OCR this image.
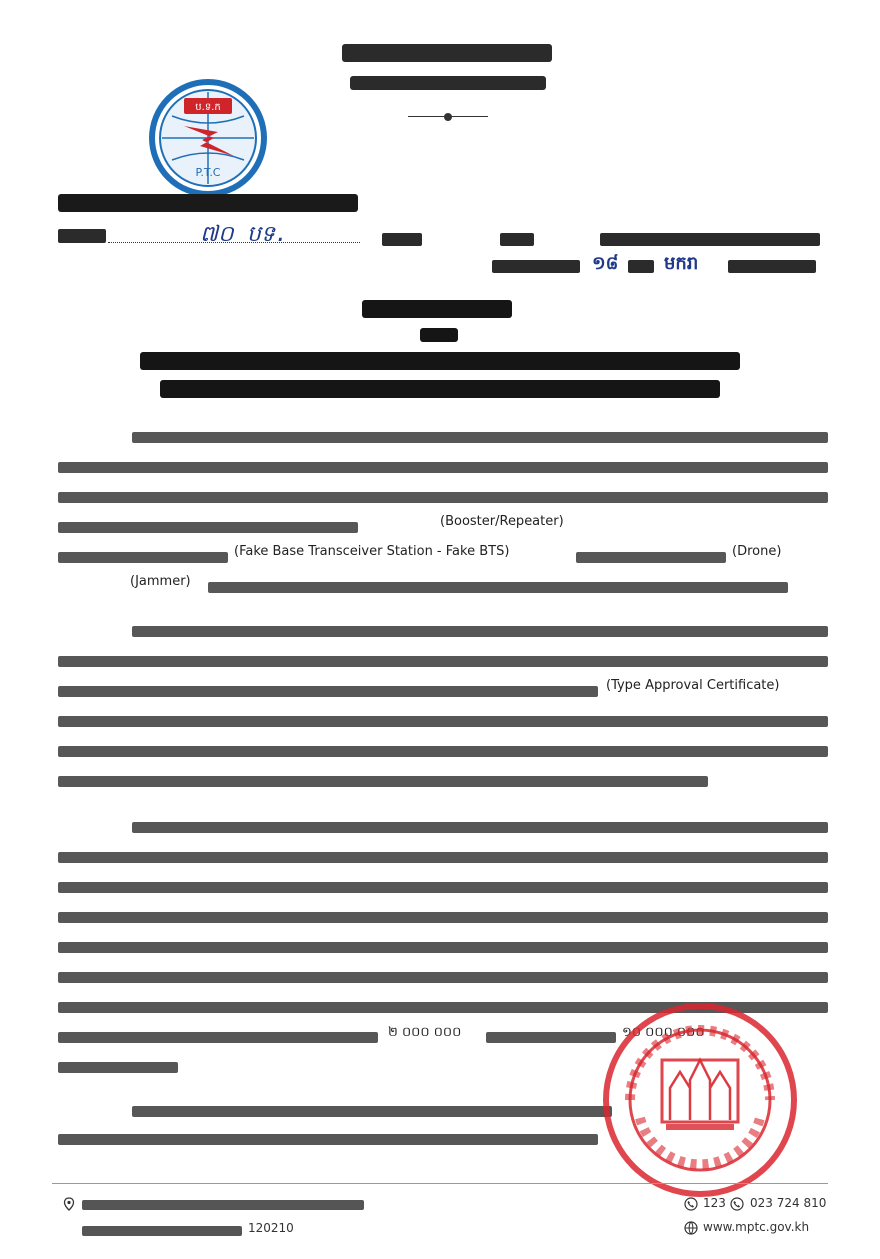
ប.ទ.ក
P.T.C
៧០ បទ.
១៨	មករា
(Booster/Repeater)
(Fake Base Transceiver Station - Fake BTS)	(Drone)
(Jammer)
(Type Approval Certificate)
២ ០០០ ០០០	១០ ០០០ ០០០
120210
123 023 724 810
www.mptc.gov.kh
